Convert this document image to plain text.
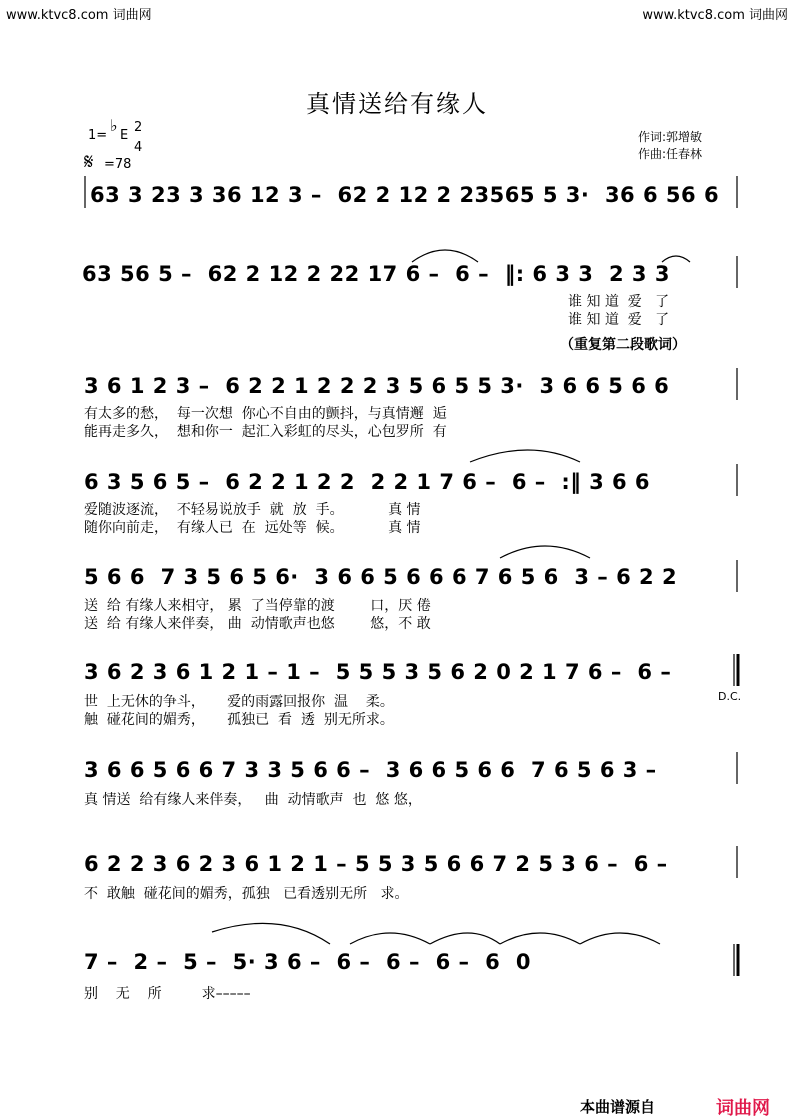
www.ktvc8.com 词曲网	www.ktvc8.com 词曲网
真情送给有缘人
1=
♭
E
2
4
𝄋 =78
作词:郭增敏
作曲:任春林
63 3 23 3 36 12 3 –  62 2 12 2 23565 5 3·  36 6 56 6
63 56 5 –  62 2 12 2 22 17 6 –  6 –  ‖: 6 3 3  2 3 3
谁 知 道  爱   了
谁 知 道  爱   了
（重复第二段歌词）
3 6 1 2 3 –  6 2 2 1 2 2 2 3 5 6 5 5 3·  3 6 6 5 6 6
有太多的愁，  每一次想  你心不自由的颤抖，与真情邂  逅
能再走多久，  想和你一  起汇入彩虹的尽头，心包罗所  有
6 3 5 6 5 –  6 2 2 1 2 2  2 2 1 7 6 –  6 –  :‖ 3 6 6
爱随波逐流，  不轻易说放手  就  放  手。          真 情
随你向前走，  有缘人已  在  远处等  候。          真 情
5 6 6  7 3 5 6 5 6·  3 6 6 5 6 6 6 7 6 5 6  3 – 6 2 2
送  给 有缘人来相守， 累  了当停靠的渡        口，厌 倦
送  给 有缘人来伴奏， 曲  动情歌声也悠        悠，不 敢
3 6 2 3 6 1 2 1 – 1 –  5 5 5 3 5 6 2 0 2 1 7 6 –  6 –
世  上无休的争斗，     爱的雨露回报你  温    柔。
触  碰花间的媚秀，     孤独已  看  透  别无所求。
D.C.
3 6 6 5 6 6 7 3 3 5 6 6 –  3 6 6 5 6 6  7 6 5 6 3 –
真 情送  给有缘人来伴奏，   曲  动情歌声  也  悠 悠，
6 2 2 3 6 2 3 6 1 2 1 – 5 5 3 5 6 6 7 2 5 3 6 –  6 –
不  敢触  碰花间的媚秀，孤独   已看透别无所   求。
7 –  2 –  5 –  5· 3 6 –  6 –  6 –  6 –  6  0
别    无    所         求–––––
本曲谱源自	词曲网
